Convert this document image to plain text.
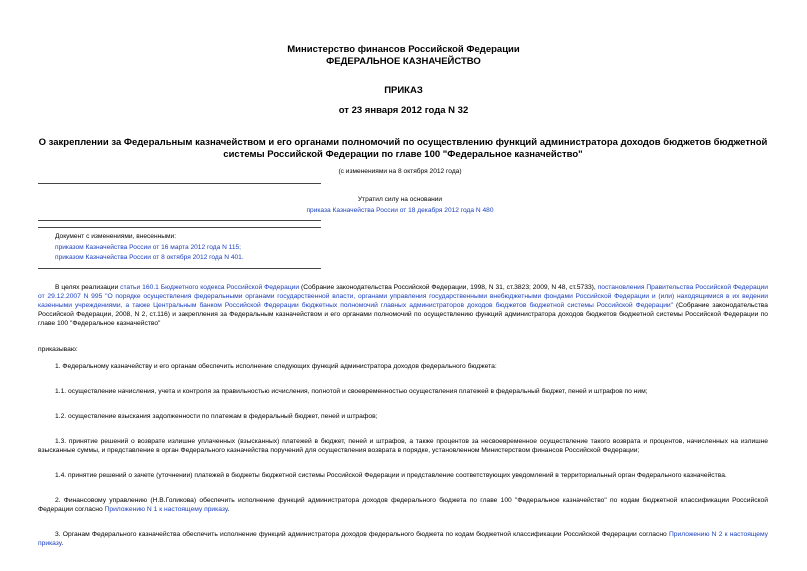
Министерство финансов Российской Федерации
ФЕДЕРАЛЬНОЕ КАЗНАЧЕЙСТВО
ПРИКАЗ
от 23 января 2012 года N 32
О закреплении за Федеральным казначейством и его органами полномочий по осуществлению функций администратора доходов бюджетов бюджетной системы Российской Федерации по главе 100 "Федеральное казначейство"
(с изменениями на 8 октября 2012 года)
Утратил силу на основании
приказа Казначейства России от 18 декабря 2012 года N 480
Документ с изменениями, внесенными:
приказом Казначейства России от 16 марта 2012 года N 115;
приказом Казначейства России от 8 октября 2012 года N 401.

В целях реализации статьи 160.1 Бюджетного кодекса Российской Федерации (Собрание законодательства Российской Федерации, 1998, N 31, ст.3823; 2009, N 48, ст.5733), постановления Правительства Российской Федерации от 29.12.2007 N 995 "О порядке осуществления федеральными органами государственной власти, органами управления государственными внебюджетными фондами Российской Федерации и (или) находящимися в их ведении казенными учреждениями, а также Центральным банком Российской Федерации бюджетных полномочий главных администраторов доходов бюджетов бюджетной системы Российской Федерации" (Собрание законодательства Российской Федерации, 2008, N 2, ст.116) и закрепления за Федеральным казначейством и его органами полномочий по осуществлению функций администратора доходов бюджетов бюджетной системы Российской Федерации по главе 100 "Федеральное казначейство"

приказываю:

1. Федеральному казначейству и его органам обеспечить исполнение следующих функций администратора доходов федерального бюджета:

1.1. осуществление начисления, учета и контроля за правильностью исчисления, полнотой и своевременностью осуществления платежей в федеральный бюджет, пеней и штрафов по ним;

1.2. осуществление взыскания задолженности по платежам в федеральный бюджет, пеней и штрафов;

1.3. принятие решений о возврате излишне уплаченных (взысканных) платежей в бюджет, пеней и штрафов, а также процентов за несвоевременное осуществление такого возврата и процентов, начисленных на излишне взысканные суммы, и представление в орган Федерального казначейства поручений для осуществления возврата в порядке, установленном Министерством финансов Российской Федерации;

1.4. принятие решений о зачете (уточнении) платежей в бюджеты бюджетной системы Российской Федерации и представление соответствующих уведомлений в территориальный орган Федерального казначейства.

2. Финансовому управлению (Н.В.Голикова) обеспечить исполнение функций администратора доходов федерального бюджета по главе 100 "Федеральное казначейство" по кодам бюджетной классификации Российской Федерации согласно Приложению N 1 к настоящему приказу.

3. Органам Федерального казначейства обеспечить исполнение функций администратора доходов федерального бюджета по кодам бюджетной классификации Российской Федерации согласно Приложению N 2 к настоящему приказу.
